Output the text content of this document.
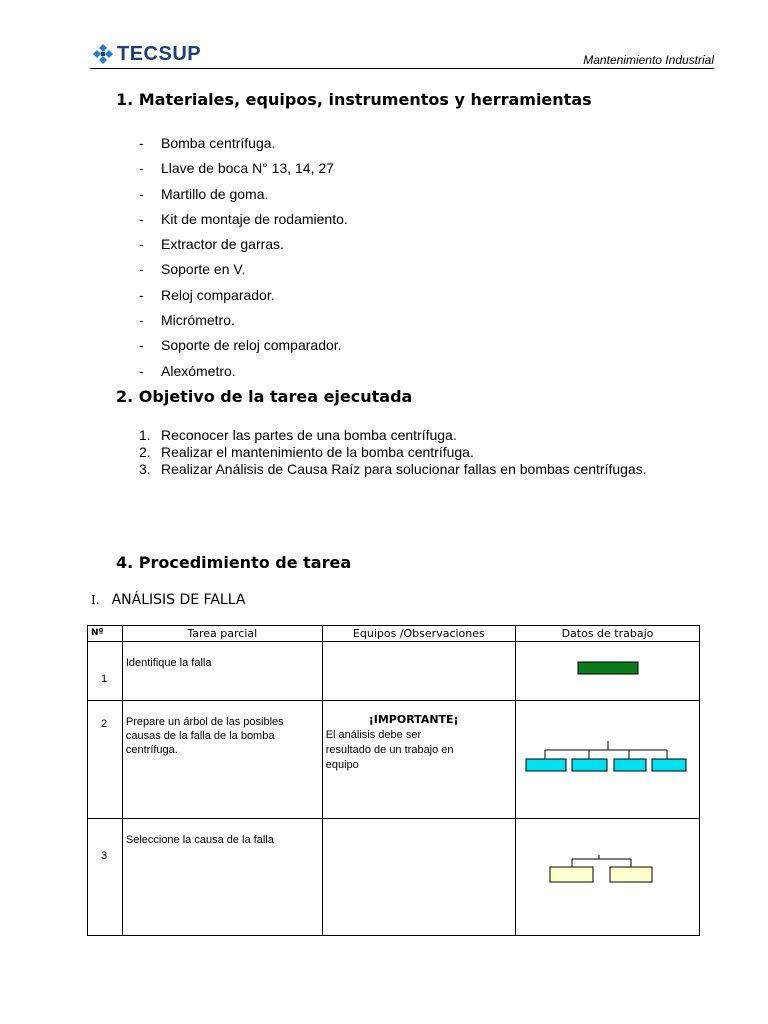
TECSUP	Mantenimiento Industrial
1. Materiales, equipos, instrumentos y herramientas
-	Bomba centrífuga.
-	Llave de boca N° 13, 14, 27
-	Martillo de goma.
-	Kit de montaje de rodamiento.
-	Extractor de garras.
-	Soporte en V.
-	Reloj comparador.
-	Micrómetro.
-	Soporte de reloj comparador.
-	Alexómetro.
2. Objetivo de la tarea ejecutada
1. Reconocer las partes de una bomba centrífuga.
2. Realizar el mantenimiento de la bomba centrífuga.
3. Realizar Análisis de Causa Raíz para solucionar fallas en bombas centrífugas.
4. Procedimiento de tarea
I. ANÁLISIS DE FALLA
Nº	Tarea parcial	Equipos /Observaciones	Datos de trabajo

1	Identifique la falla

2	Prepare un árbol de las posibles causas de la falla de la bomba centrífuga.	¡IMPORTANTE¡
El análisis debe ser resultado de un trabajo en equipo

3	Seleccione la causa de la falla
